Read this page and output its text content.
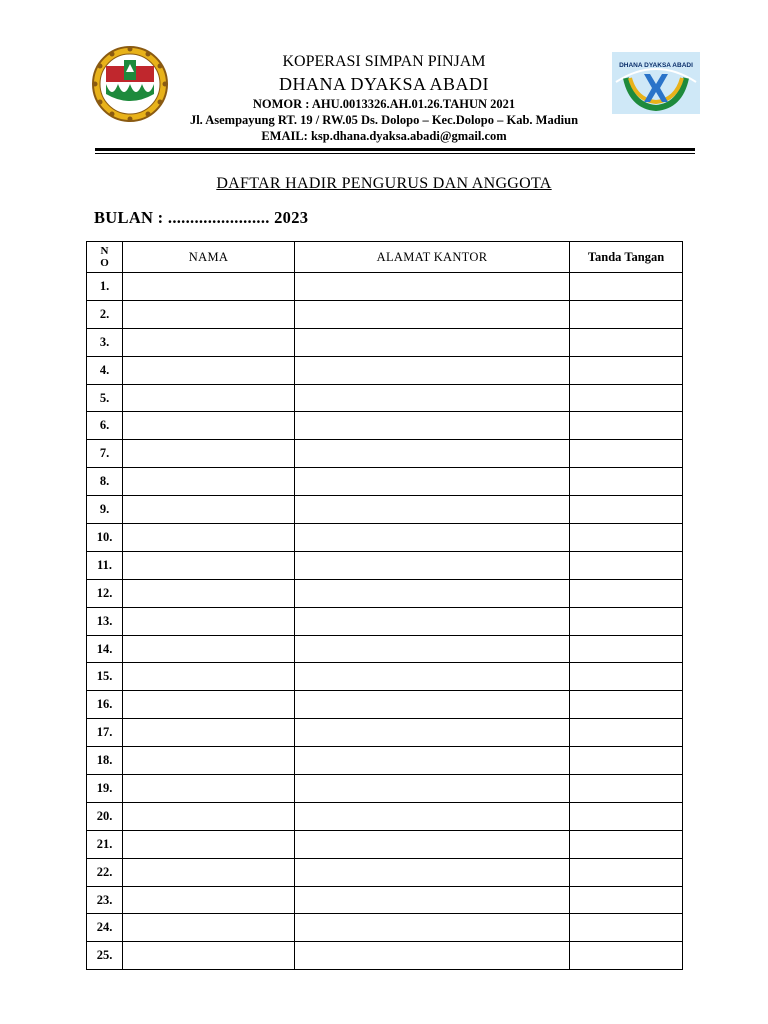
KOPERASI SIMPAN PINJAM
DHANA DYAKSA ABADI
NOMOR : AHU.0013326.AH.01.26.TAHUN 2021
Jl. Asempayung RT. 19 / RW.05 Ds. Dolopo – Kec.Dolopo – Kab. Madiun
EMAIL: ksp.dhana.dyaksa.abadi@gmail.com
DHANA DYAKSA ABADI
DAFTAR HADIR PENGURUS DAN ANGGOTA
BULAN : ....................... 2023
N
O	NAMA	ALAMAT KANTOR	Tanda Tangan
1.			
2.			
3.			
4.			
5.			
6.			
7.			
8.			
9.			
10.			
11.			
12.			
13.			
14.			
15.			
16.			
17.			
18.			
19.			
20.			
21.			
22.			
23.			
24.			
25.			
